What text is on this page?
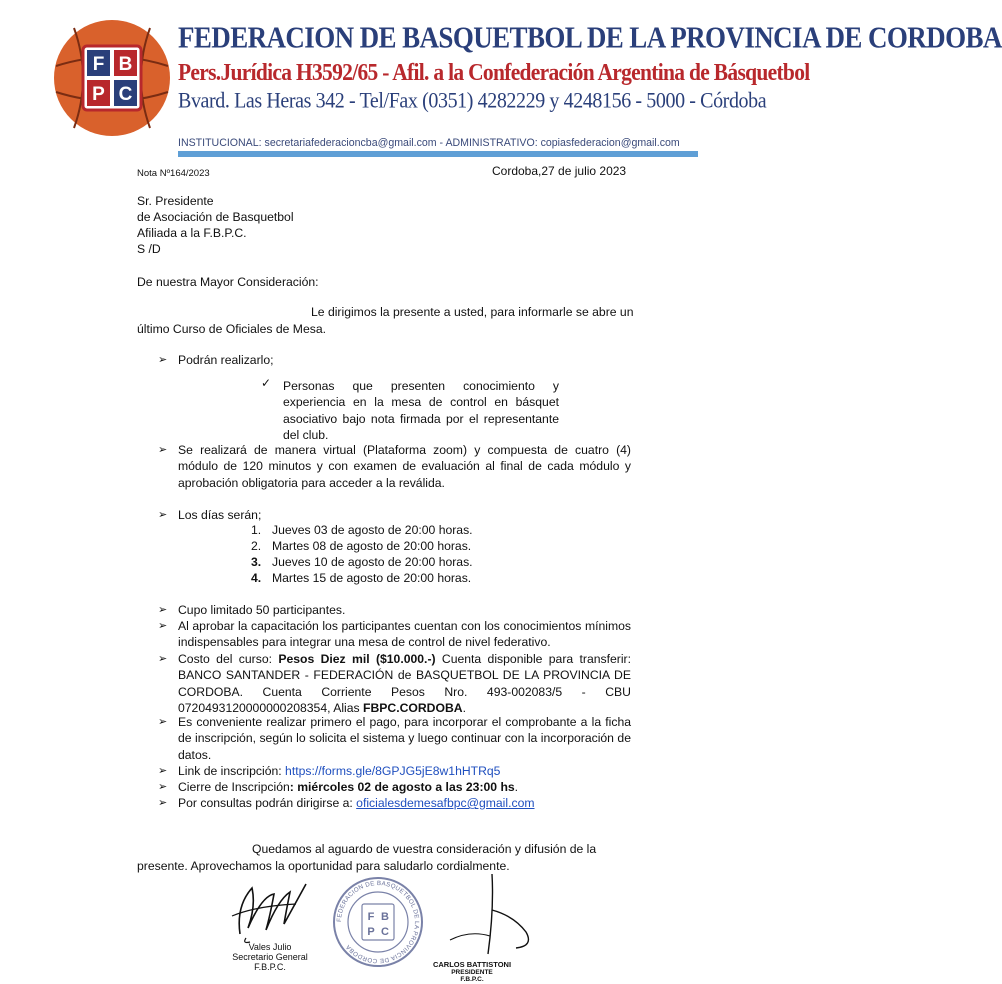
F B
P C
FEDERACION DE BASQUETBOL DE LA PROVINCIA DE CORDOBA
Pers.Jurídica H3592/65 - Afil. a la Confederación Argentina de Básquetbol
Bvard. Las Heras 342 - Tel/Fax (0351) 4282229 y 4248156 - 5000 - Córdoba
INSTITUCIONAL: secretariafederacioncba@gmail.com - ADMINISTRATIVO: copiasfederacion@gmail.com
Nota Nº164/2023	Cordoba,27 de julio 2023
Sr. Presidente
de Asociación de Basquetbol
Afiliada a la F.B.P.C.
S /D
De nuestra Mayor Consideración:
Le dirigimos la presente a usted, para informarle se abre un
último Curso de Oficiales de Mesa.
➢ Podrán realizarlo;
✓ Personas que presenten conocimiento y experiencia en la mesa de control en básquet asociativo bajo nota firmada por el representante del club.
➢ Se realizará de manera virtual (Plataforma zoom) y compuesta de cuatro (4) módulo de 120 minutos y con examen de evaluación al final de cada módulo y aprobación obligatoria para acceder a la reválida.
➢ Los días serán;
1. Jueves 03 de agosto de 20:00 horas.
2. Martes 08 de agosto de 20:00 horas.
3. Jueves 10 de agosto de 20:00 horas.
4. Martes 15 de agosto de 20:00 horas.
➢ Cupo limitado 50 participantes.
➢ Al aprobar la capacitación los participantes cuentan con los conocimientos mínimos indispensables para integrar una mesa de control de nivel federativo.
➢ Costo del curso: Pesos Diez mil ($10.000.-) Cuenta disponible para transferir: BANCO SANTANDER - FEDERACIÓN de BASQUETBOL DE LA PROVINCIA DE CORDOBA. Cuenta Corriente Pesos Nro. 493-002083/5 - CBU 0720493120000000208354, Alias FBPC.CORDOBA.
➢ Es conveniente realizar primero el pago, para incorporar el comprobante a la ficha de inscripción, según lo solicita el sistema y luego continuar con la incorporación de datos.
➢ Link de inscripción: https://forms.gle/8GPJG5jE8w1hHTRq5
➢ Cierre de Inscripción: miércoles 02 de agosto a las 23:00 hs.
➢ Por consultas podrán dirigirse a: oficialesdemesafbpc@gmail.com
Quedamos al aguardo de vuestra consideración y difusión de la
presente. Aprovechamos la oportunidad para saludarlo cordialmente.
Vales Julio
Secretario General
F.B.P.C.
FEDERACION DE BASQUETBOL DE LA PROVINCIA DE CORDOBA
F B
P C
CARLOS BATTISTONI
PRESIDENTE
F.B.P.C.
